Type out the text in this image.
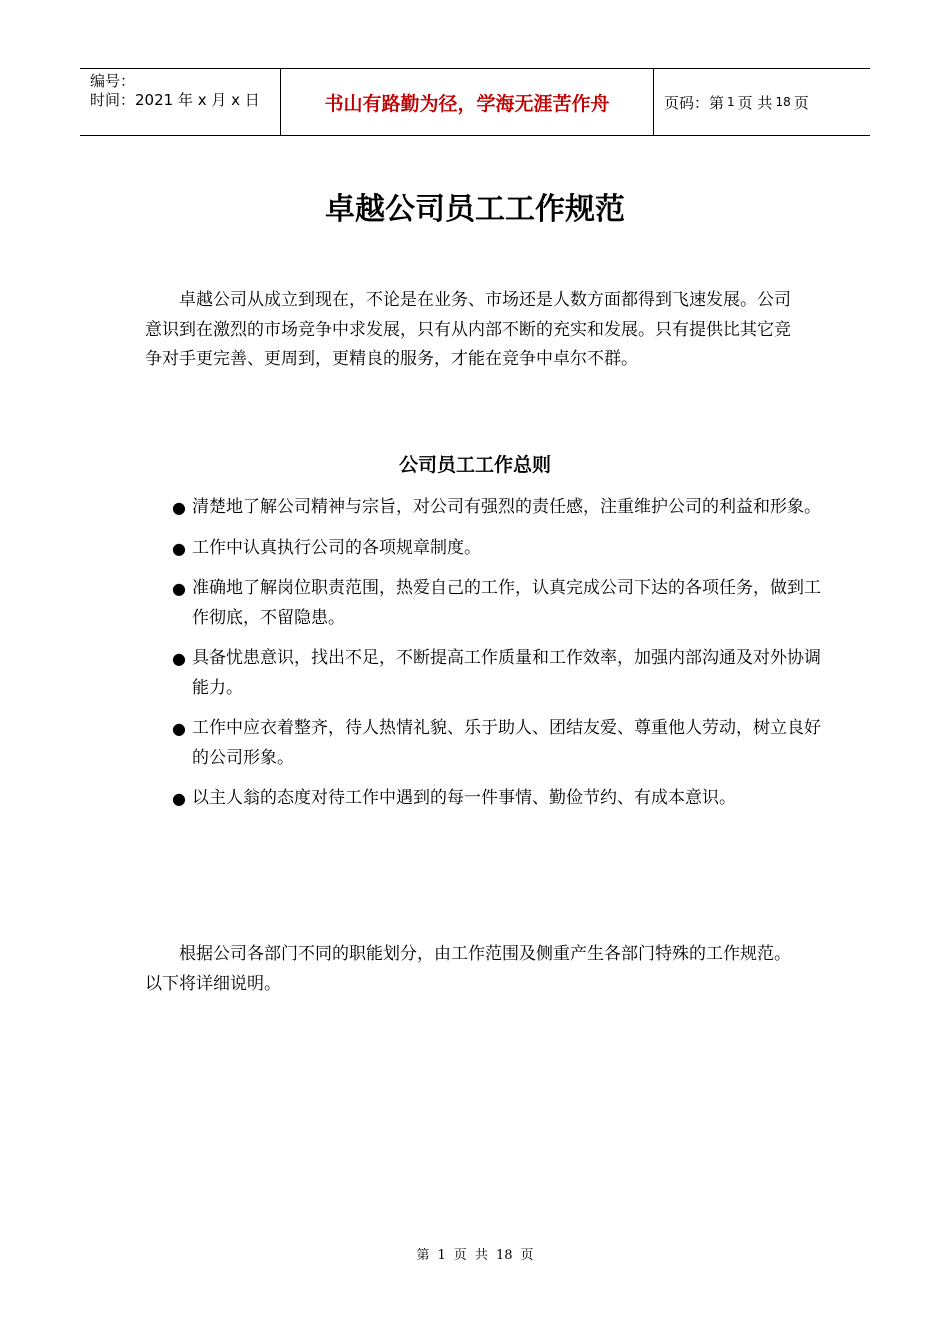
编号：
时间：2021 年 x 月 x 日	书山有路勤为径，学海无涯苦作舟	页码：第 1 页 共 18 页
卓越公司员工工作规范

卓越公司从成立到现在，不论是在业务、市场还是人数方面都得到飞速发展。公司意识到在激烈的市场竞争中求发展，只有从内部不断的充实和发展。只有提供比其它竞争对手更完善、更周到，更精良的服务，才能在竞争中卓尔不群。

公司员工工作总则
● 清楚地了解公司精神与宗旨，对公司有强烈的责任感，注重维护公司的利益和形象。
● 工作中认真执行公司的各项规章制度。
● 准确地了解岗位职责范围，热爱自己的工作，认真完成公司下达的各项任务，做到工作彻底，不留隐患。
● 具备忧患意识，找出不足，不断提高工作质量和工作效率，加强内部沟通及对外协调能力。
● 工作中应衣着整齐，待人热情礼貌、乐于助人、团结友爱、尊重他人劳动，树立良好的公司形象。
● 以主人翁的态度对待工作中遇到的每一件事情、勤俭节约、有成本意识。

根据公司各部门不同的职能划分，由工作范围及侧重产生各部门特殊的工作规范。以下将详细说明。

第 1 页 共 18 页
